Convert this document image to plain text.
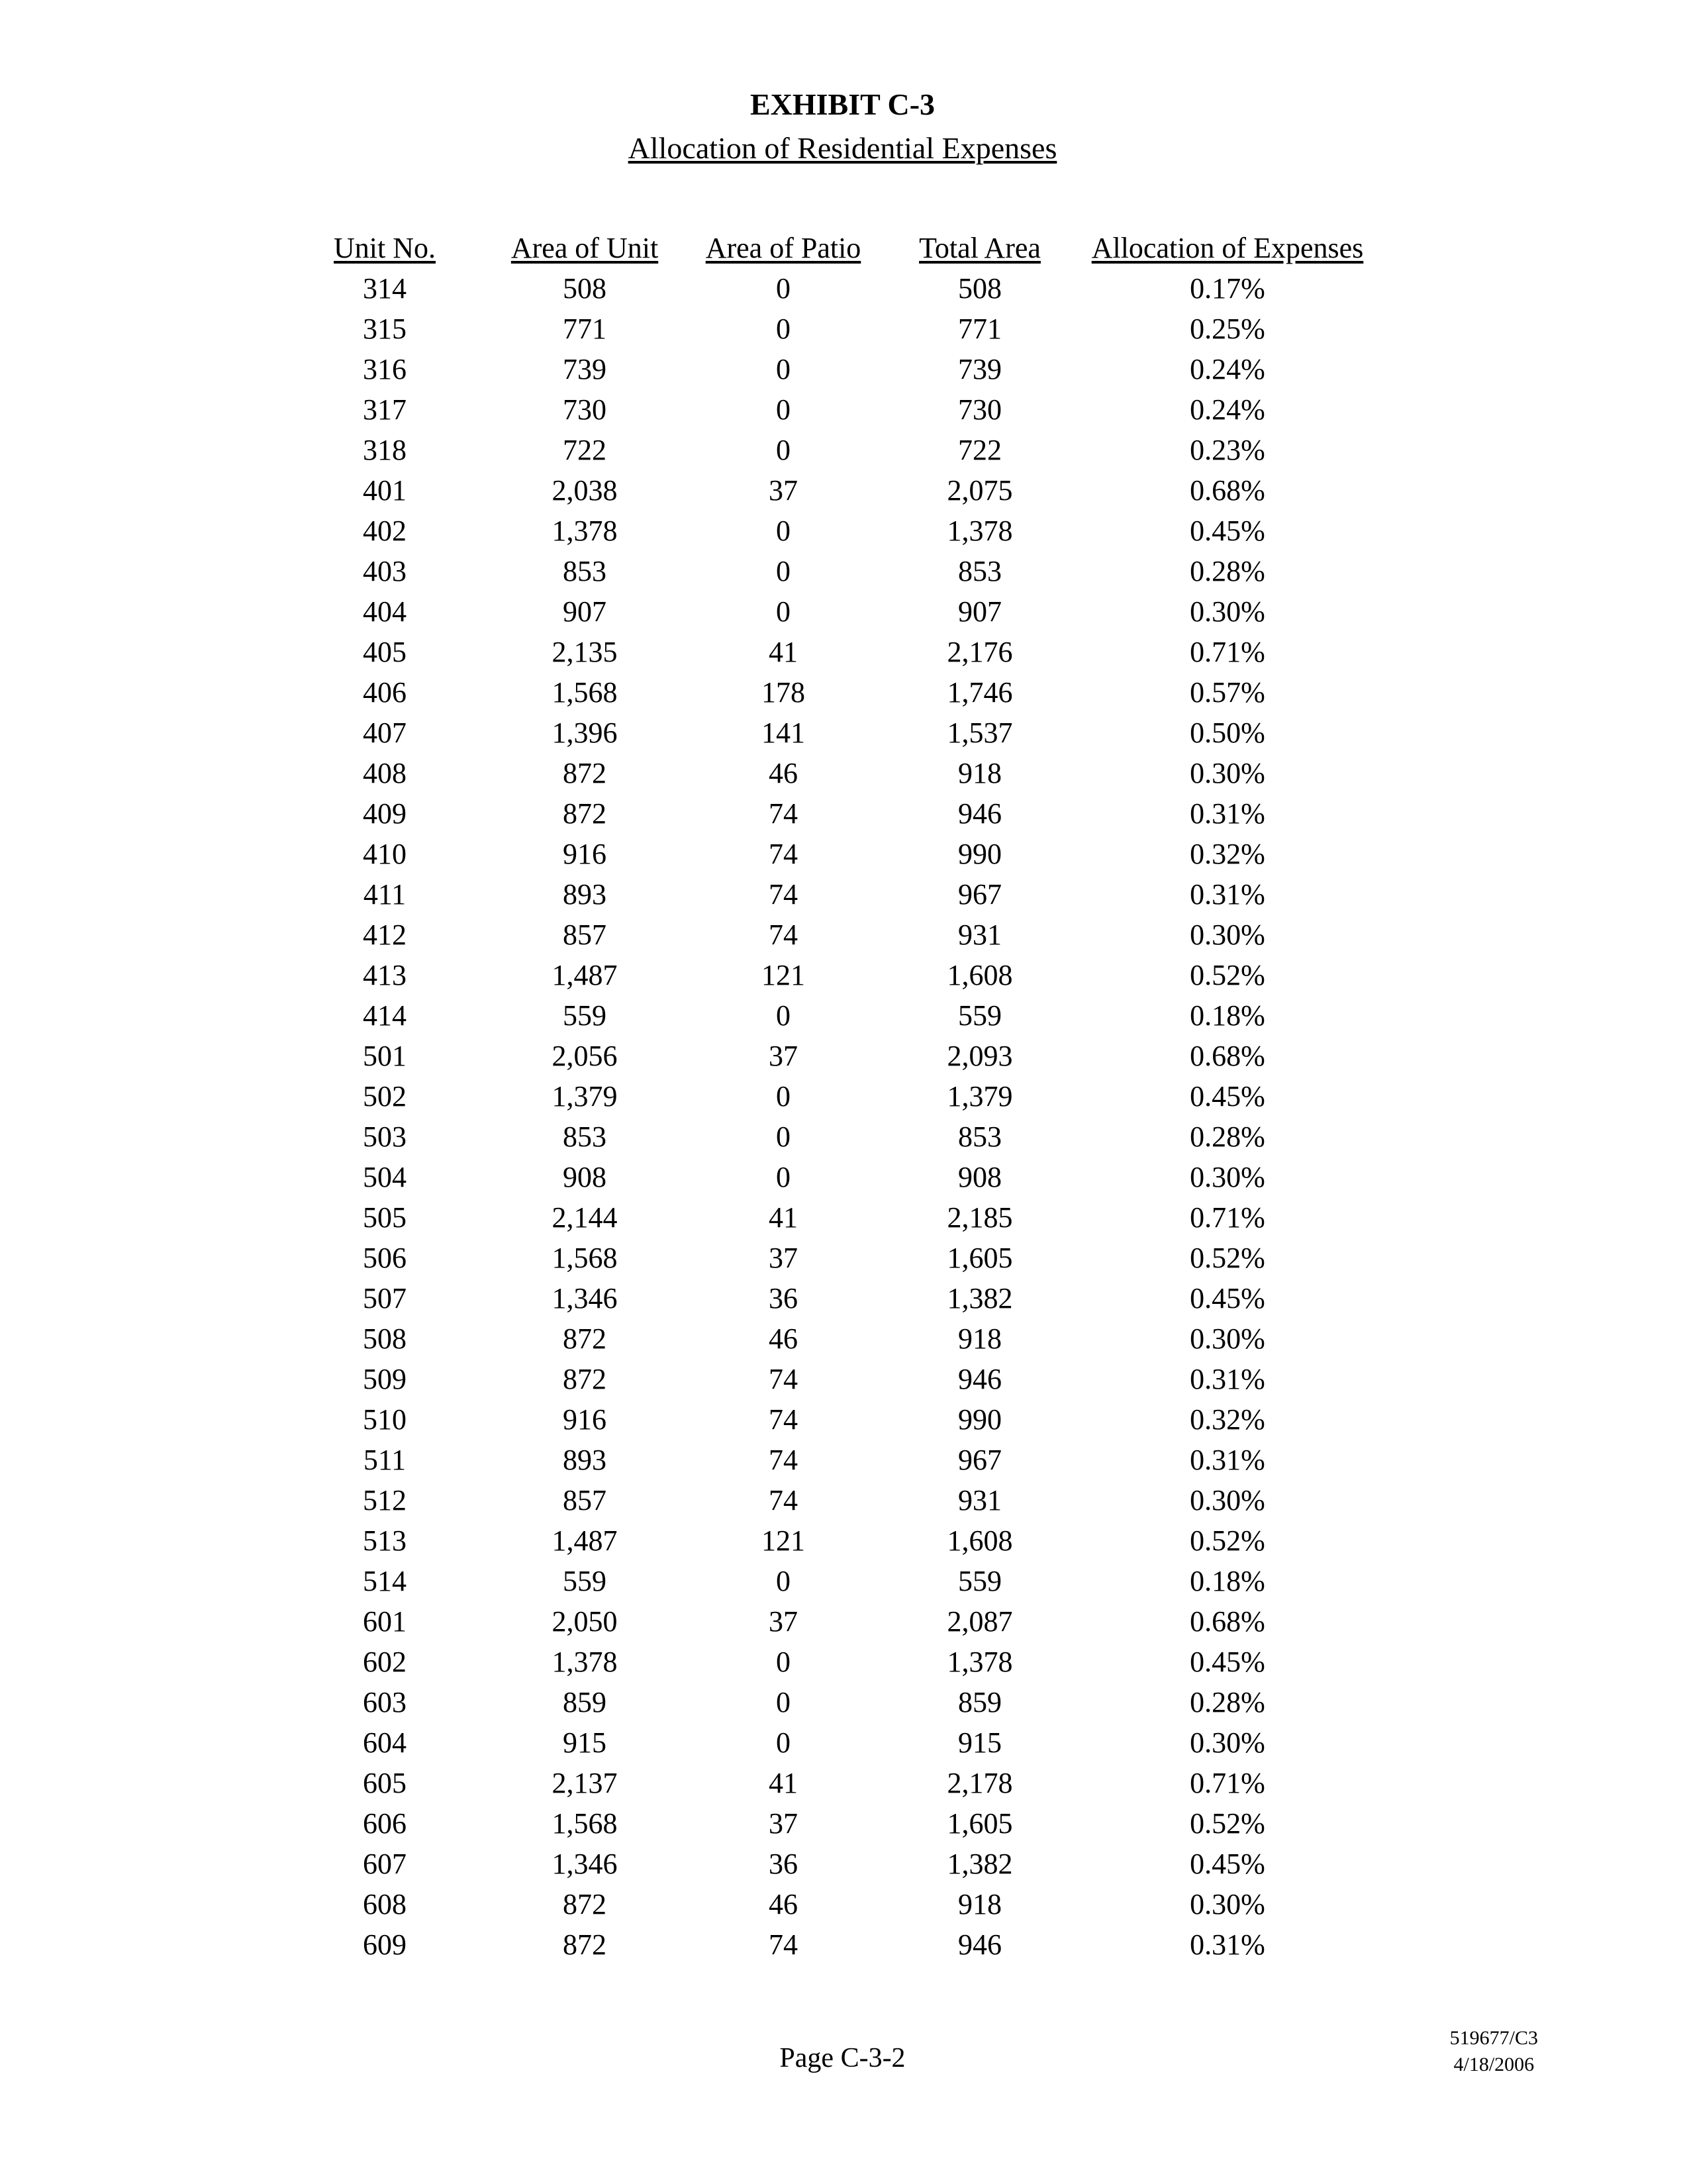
EXHIBIT C-3
Allocation of Residential Expenses
Unit No.	Area of Unit	Area of Patio	Total Area	Allocation of Expenses
314	508	0	508	0.17%
315	771	0	771	0.25%
316	739	0	739	0.24%
317	730	0	730	0.24%
318	722	0	722	0.23%
401	2,038	37	2,075	0.68%
402	1,378	0	1,378	0.45%
403	853	0	853	0.28%
404	907	0	907	0.30%
405	2,135	41	2,176	0.71%
406	1,568	178	1,746	0.57%
407	1,396	141	1,537	0.50%
408	872	46	918	0.30%
409	872	74	946	0.31%
410	916	74	990	0.32%
411	893	74	967	0.31%
412	857	74	931	0.30%
413	1,487	121	1,608	0.52%
414	559	0	559	0.18%
501	2,056	37	2,093	0.68%
502	1,379	0	1,379	0.45%
503	853	0	853	0.28%
504	908	0	908	0.30%
505	2,144	41	2,185	0.71%
506	1,568	37	1,605	0.52%
507	1,346	36	1,382	0.45%
508	872	46	918	0.30%
509	872	74	946	0.31%
510	916	74	990	0.32%
511	893	74	967	0.31%
512	857	74	931	0.30%
513	1,487	121	1,608	0.52%
514	559	0	559	0.18%
601	2,050	37	2,087	0.68%
602	1,378	0	1,378	0.45%
603	859	0	859	0.28%
604	915	0	915	0.30%
605	2,137	41	2,178	0.71%
606	1,568	37	1,605	0.52%
607	1,346	36	1,382	0.45%
608	872	46	918	0.30%
609	872	74	946	0.31%
Page C-3-2
519677/C3
4/18/2006
